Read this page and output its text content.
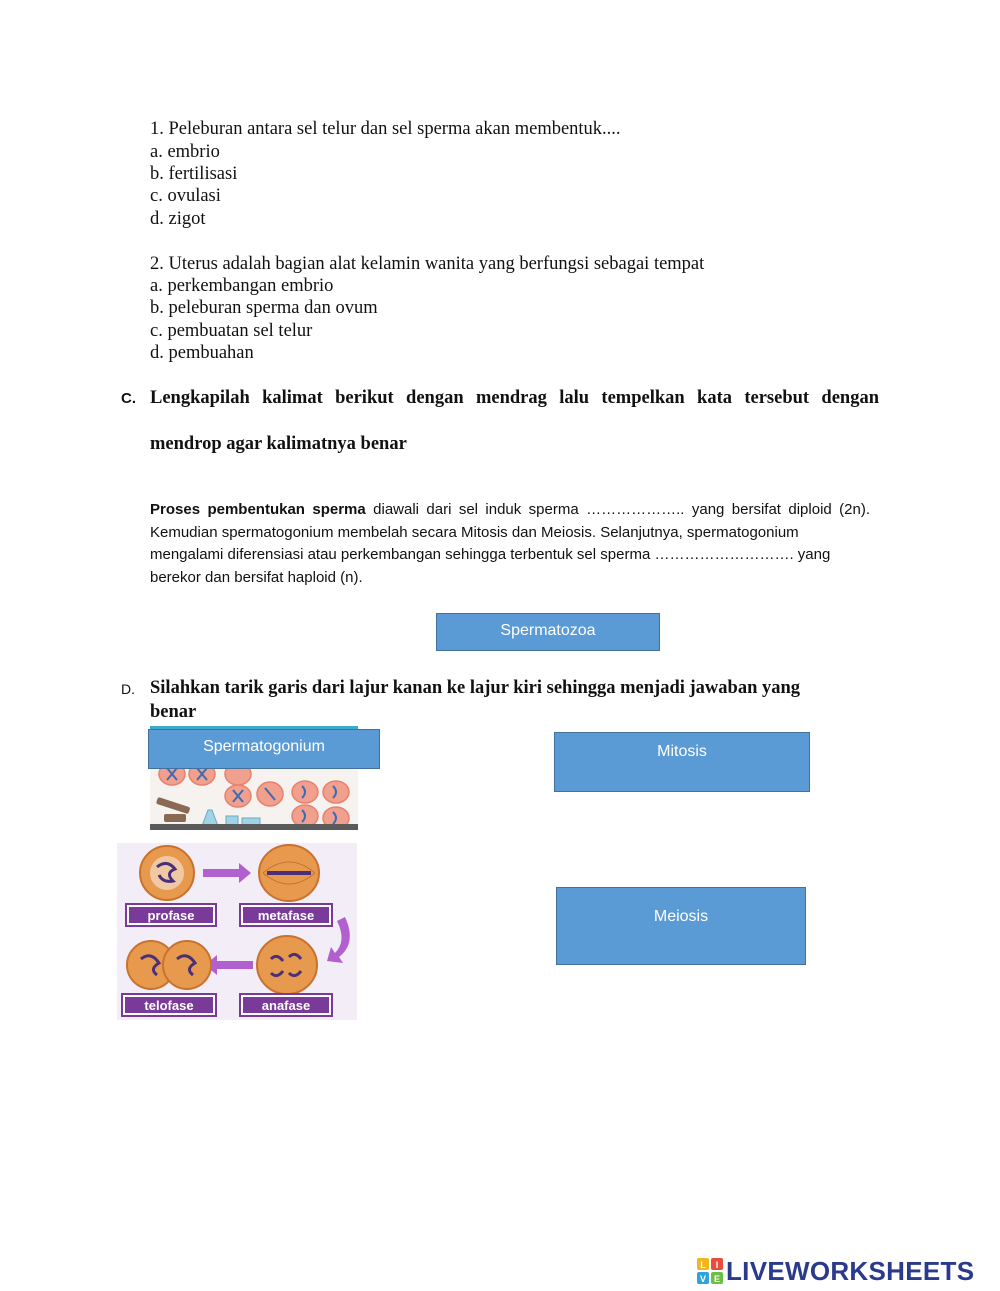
1. Peleburan antara sel telur dan sel sperma akan membentuk....
a. embrio
b. fertilisasi
c. ovulasi
d. zigot
2. Uterus adalah bagian alat kelamin wanita yang berfungsi sebagai tempat
a. perkembangan embrio
b. peleburan sperma dan ovum
c. pembuatan sel telur
d. pembuahan
C. Lengkapilah kalimat berikut dengan mendrag lalu tempelkan kata tersebut dengan
mendrop agar kalimatnya benar
Proses pembentukan sperma diawali dari sel induk sperma ……………….. yang bersifat diploid (2n).
Kemudian spermatogonium membelah secara Mitosis dan Meiosis. Selanjutnya, spermatogonium
mengalami diferensiasi atau perkembangan sehingga terbentuk sel sperma ………………………. yang
berekor dan bersifat haploid (n).
Spermatozoa
D. Silahkan tarik garis dari lajur kanan ke lajur kiri sehingga menjadi jawaban yang
benar
Spermatogonium
profase	metafase
telofase	anafase
Mitosis
Meiosis
L I
V E LIVEWORKSHEETS
